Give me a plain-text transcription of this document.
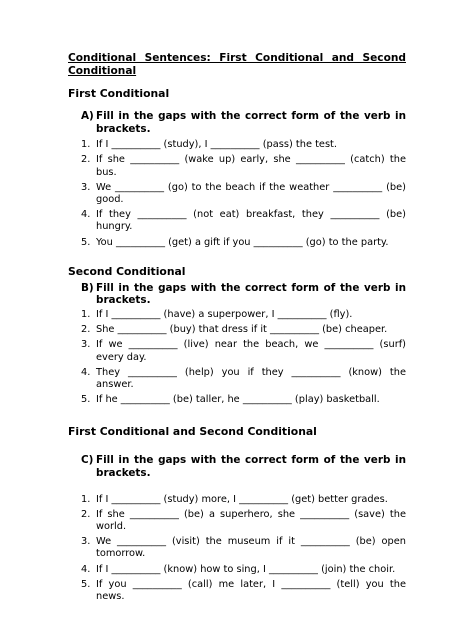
Conditional Sentences: First Conditional and Second Conditional
First Conditional
A) Fill in the gaps with the correct form of the verb in brackets.
1. If I __________ (study), I __________ (pass) the test.
2. If she __________ (wake up) early, she __________ (catch) the bus.
3. We __________ (go) to the beach if the weather __________ (be) good.
4. If they __________ (not eat) breakfast, they __________ (be) hungry.
5. You __________ (get) a gift if you __________ (go) to the party.
Second Conditional
B) Fill in the gaps with the correct form of the verb in brackets.
1. If I __________ (have) a superpower, I __________ (fly).
2. She __________ (buy) that dress if it __________ (be) cheaper.
3. If we __________ (live) near the beach, we __________ (surf) every day.
4. They __________ (help) you if they __________ (know) the answer.
5. If he __________ (be) taller, he __________ (play) basketball.
First Conditional and Second Conditional
C) Fill in the gaps with the correct form of the verb in brackets.
1. If I __________ (study) more, I __________ (get) better grades.
2. If she __________ (be) a superhero, she __________ (save) the world.
3. We __________ (visit) the museum if it __________ (be) open tomorrow.
4. If I __________ (know) how to sing, I __________ (join) the choir.
5. If you __________ (call) me later, I __________ (tell) you the news.
